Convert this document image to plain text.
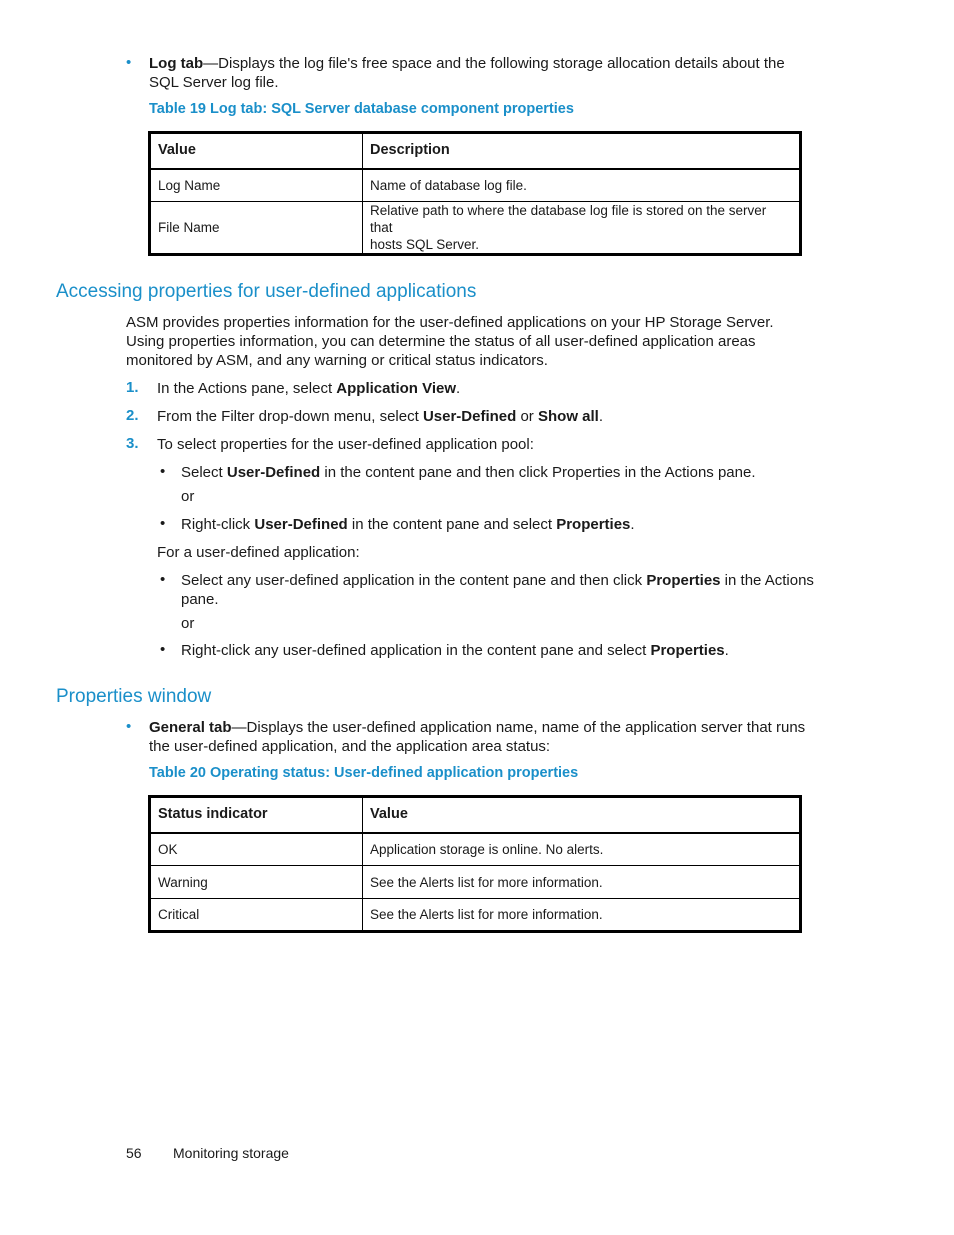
• Log tab—Displays the log file's free space and the following storage allocation details about the
SQL Server log file.
Table 19 Log tab: SQL Server database component properties
Value	Description
Log Name	Name of database log file.
File Name	Relative path to where the database log file is stored on the server that
hosts SQL Server.
Accessing properties for user-defined applications
ASM provides properties information for the user-defined applications on your HP Storage Server.
Using properties information, you can determine the status of all user-defined application areas
monitored by ASM, and any warning or critical status indicators.
1. In the Actions pane, select Application View.
2. From the Filter drop-down menu, select User-Defined or Show all.
3. To select properties for the user-defined application pool:
• Select User-Defined in the content pane and then click Properties in the Actions pane.
or
• Right-click User-Defined in the content pane and select Properties.
For a user-defined application:
• Select any user-defined application in the content pane and then click Properties in the Actions
pane.
or
• Right-click any user-defined application in the content pane and select Properties.
Properties window
• General tab—Displays the user-defined application name, name of the application server that runs
the user-defined application, and the application area status:
Table 20 Operating status: User-defined application properties
Status indicator	Value
OK	Application storage is online. No alerts.
Warning	See the Alerts list for more information.
Critical	See the Alerts list for more information.
56 Monitoring storage
